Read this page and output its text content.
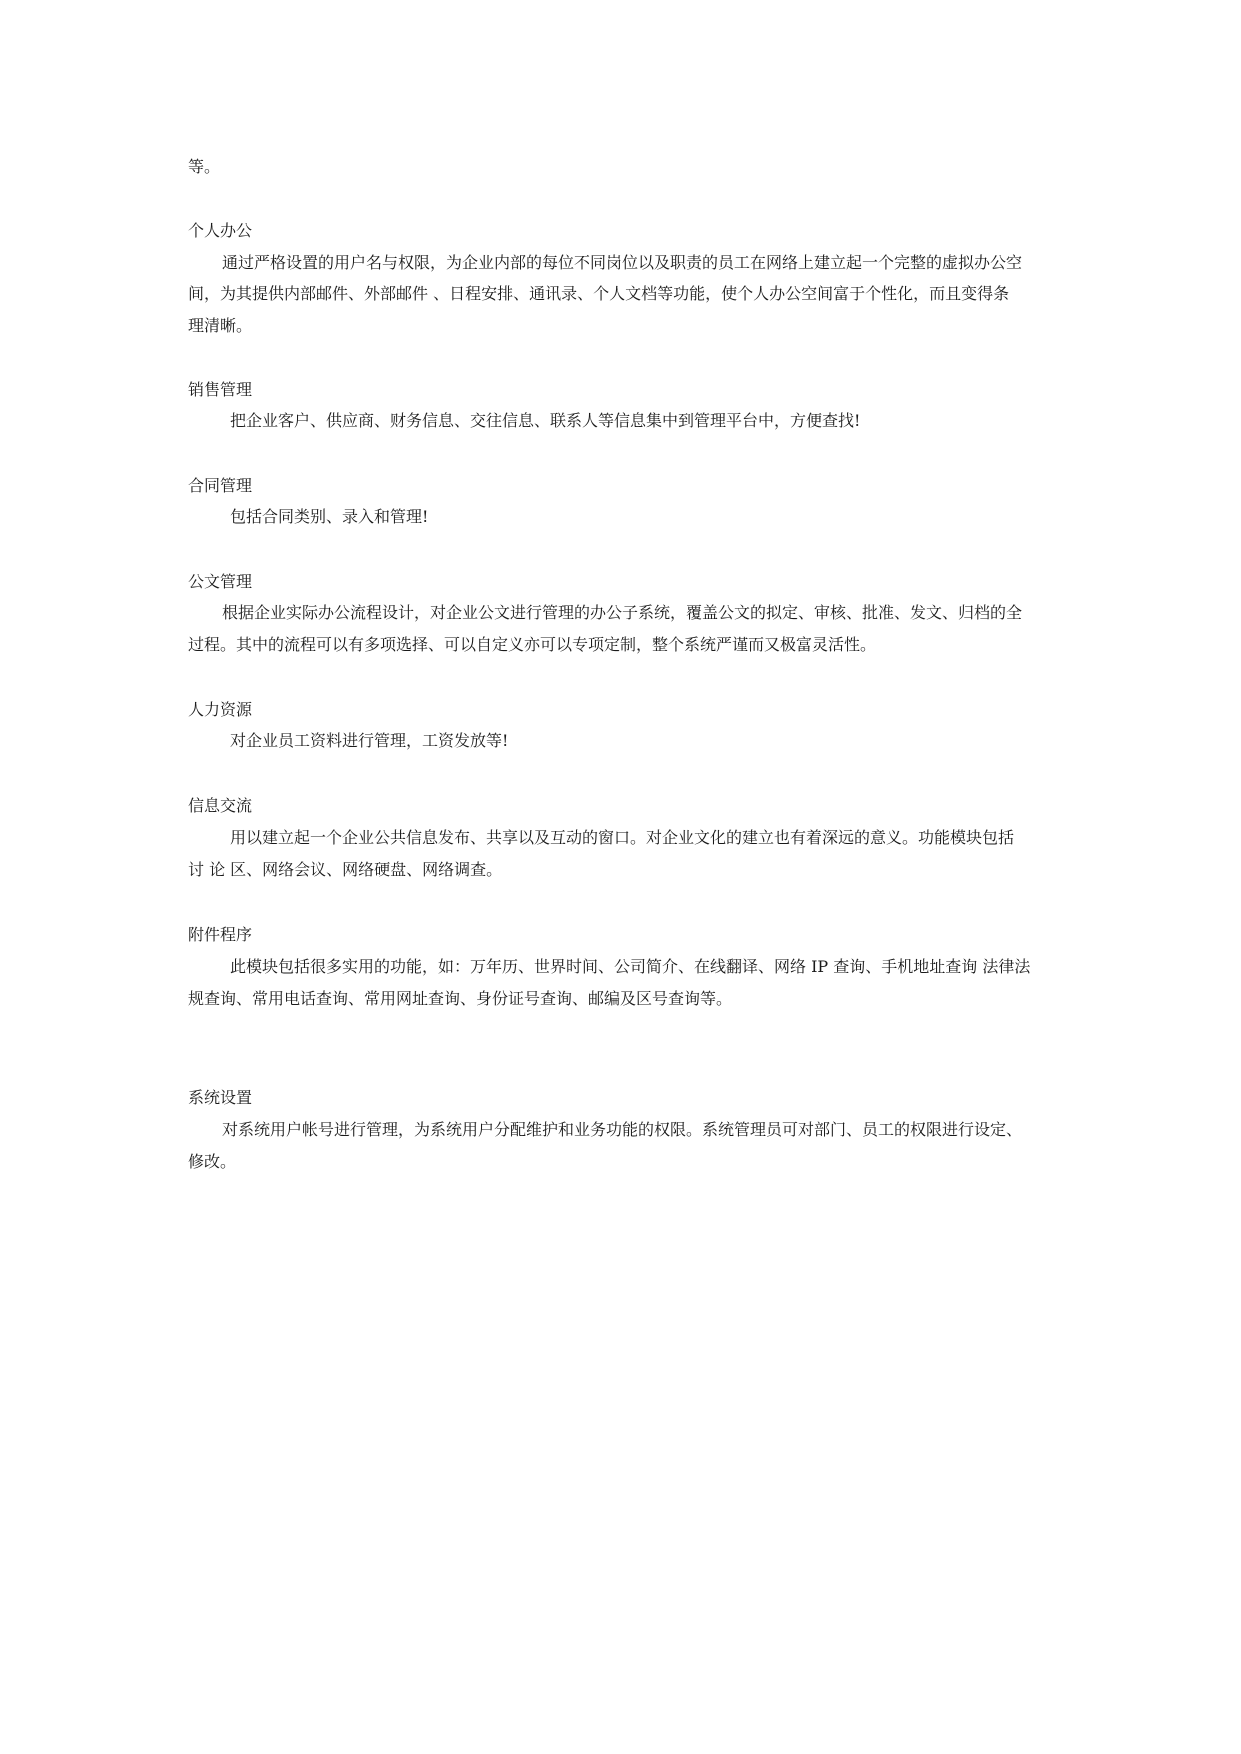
等。
个人办公
通过严格设置的用户名与权限，为企业内部的每位不同岗位以及职责的员工在网络上建立起一个完整的虚拟办公空
间，为其提供内部邮件、外部邮件 、日程安排、通讯录、个人文档等功能，使个人办公空间富于个性化，而且变得条
理清晰。
销售管理
把企业客户、供应商、财务信息、交往信息、联系人等信息集中到管理平台中，方便查找!
合同管理
包括合同类别、录入和管理!
公文管理
根据企业实际办公流程设计，对企业公文进行管理的办公子系统，覆盖公文的拟定、审核、批准、发文、归档的全
过程。其中的流程可以有多项选择、可以自定义亦可以专项定制，整个系统严谨而又极富灵活性。
人力资源
对企业员工资料进行管理，工资发放等!
信息交流
用以建立起一个企业公共信息发布、共享以及互动的窗口。对企业文化的建立也有着深远的意义。功能模块包括
讨 论 区、网络会议、网络硬盘、网络调查。
附件程序
此模块包括很多实用的功能，如：万年历、世界时间、公司简介、在线翻译、网络 IP 查询、手机地址查询 法律法
规查询、常用电话查询、常用网址查询、身份证号查询、邮编及区号查询等。
系统设置
对系统用户帐号进行管理，为系统用户分配维护和业务功能的权限。系统管理员可对部门、员工的权限进行设定、
修改。
